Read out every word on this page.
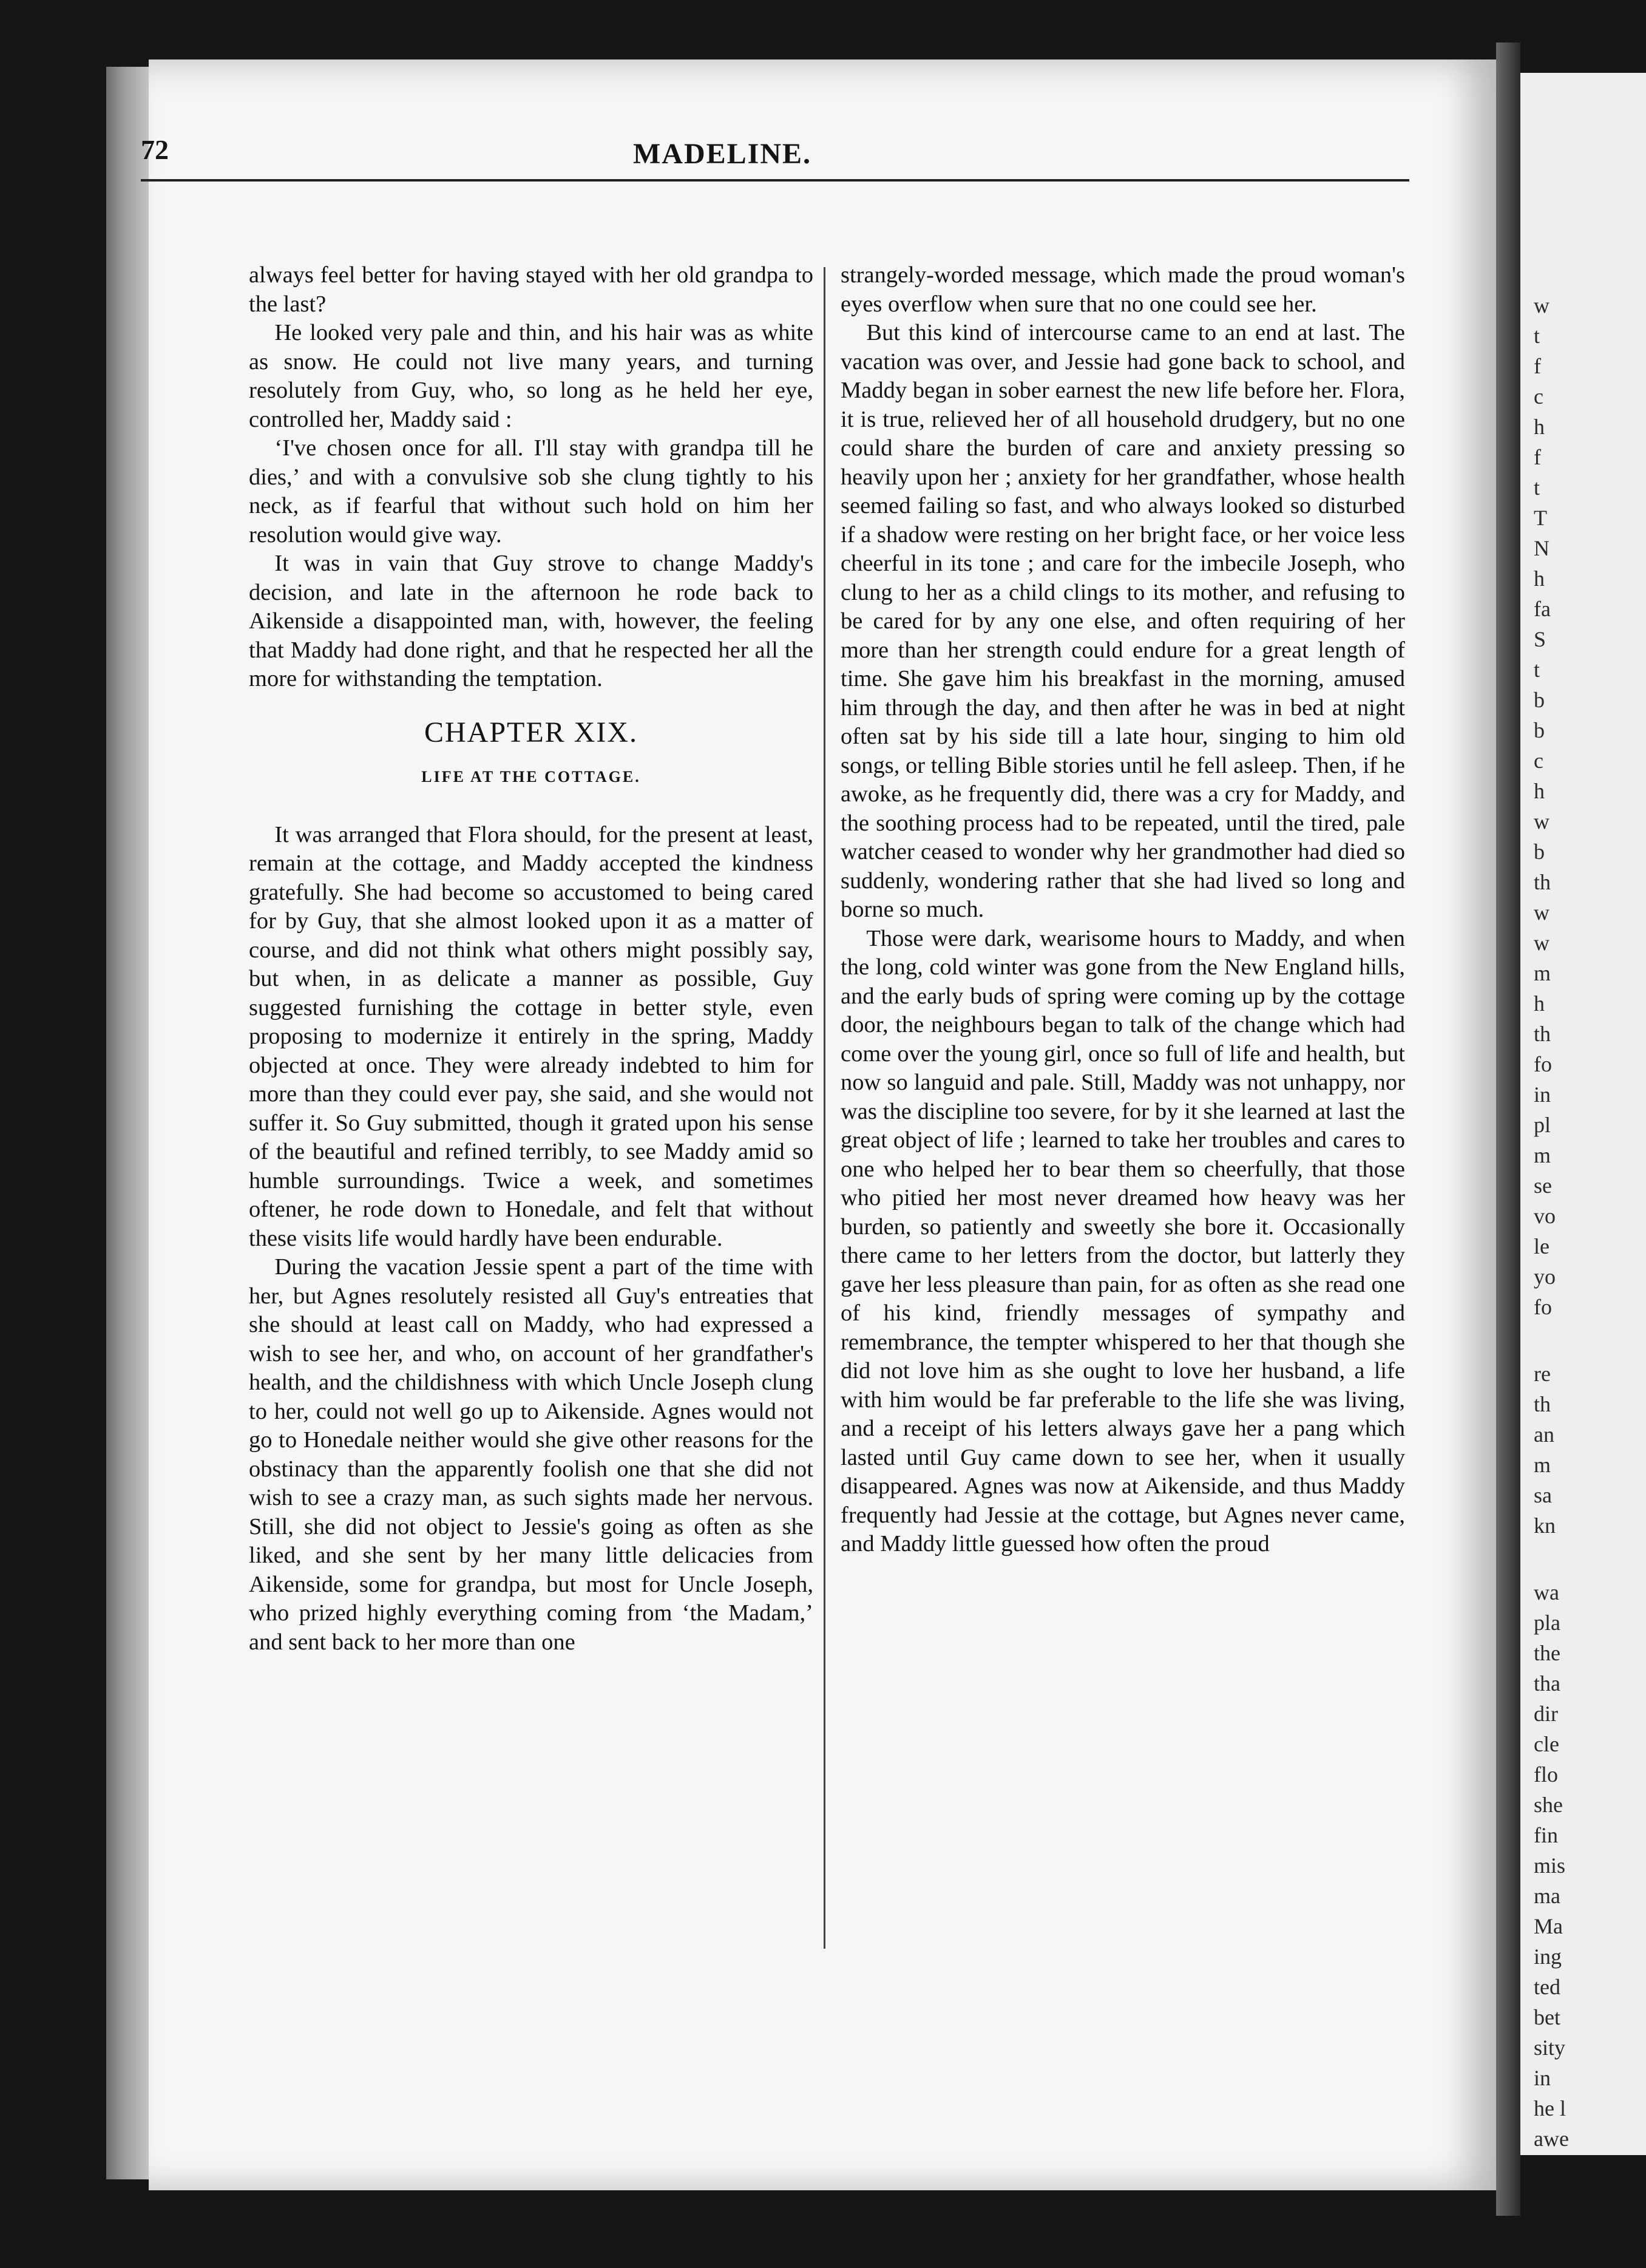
w
t
f
c
h
f
t
T
N
h
fa
S
t
b
b
c
h
w
b
th
w
w
m
h
th
fo
in
pl
m
se
vo
le
yo
fo
re
th
an
m
sa
kn
wa
pla
the
tha
dir
cle
flo
she
fin
mis
ma
Ma
ing
ted
bet
sity
in
he l
awe
72	MADELINE.

always feel better for having stayed with her old grandpa to the last?

He looked very pale and thin, and his hair was as white as snow. He could not live many years, and turning resolutely from Guy, who, so long as he held her eye, controlled her, Maddy said :

‘I've chosen once for all. I'll stay with grandpa till he dies,’ and with a convulsive sob she clung tightly to his neck, as if fearful that without such hold on him her resolution would give way.

It was in vain that Guy strove to change Maddy's decision, and late in the afternoon he rode back to Aikenside a disappointed man, with, however, the feeling that Maddy had done right, and that he respected her all the more for withstanding the temptation.

CHAPTER XIX.
LIFE AT THE COTTAGE.

It was arranged that Flora should, for the present at least, remain at the cottage, and Maddy accepted the kindness gratefully. She had become so accustomed to being cared for by Guy, that she almost looked upon it as a matter of course, and did not think what others might possibly say, but when, in as delicate a manner as possible, Guy suggested furnishing the cottage in better style, even proposing to modernize it entirely in the spring, Maddy objected at once. They were already indebted to him for more than they could ever pay, she said, and she would not suffer it. So Guy submitted, though it grated upon his sense of the beautiful and refined terribly, to see Maddy amid so humble surroundings. Twice a week, and sometimes oftener, he rode down to Honedale, and felt that without these visits life would hardly have been endurable.

During the vacation Jessie spent a part of the time with her, but Agnes resolutely resisted all Guy's entreaties that she should at least call on Maddy, who had expressed a wish to see her, and who, on account of her grandfather's health, and the childishness with which Uncle Joseph clung to her, could not well go up to Aikenside. Agnes would not go to Honedale neither would she give other reasons for the obstinacy than the apparently foolish one that she did not wish to see a crazy man, as such sights made her nervous. Still, she did not object to Jessie's going as often as she liked, and she sent by her many little delicacies from Aikenside, some for grandpa, but most for Uncle Joseph, who prized highly everything coming from ‘the Madam,’ and sent back to her more than one

strangely-worded message, which made the proud woman's eyes overflow when sure that no one could see her.

But this kind of intercourse came to an end at last. The vacation was over, and Jessie had gone back to school, and Maddy began in sober earnest the new life before her. Flora, it is true, relieved her of all household drudgery, but no one could share the burden of care and anxiety pressing so heavily upon her ; anxiety for her grandfather, whose health seemed failing so fast, and who always looked so disturbed if a shadow were resting on her bright face, or her voice less cheerful in its tone ; and care for the imbecile Joseph, who clung to her as a child clings to its mother, and refusing to be cared for by any one else, and often requiring of her more than her strength could endure for a great length of time. She gave him his breakfast in the morning, amused him through the day, and then after he was in bed at night often sat by his side till a late hour, singing to him old songs, or telling Bible stories until he fell asleep. Then, if he awoke, as he frequently did, there was a cry for Maddy, and the soothing process had to be repeated, until the tired, pale watcher ceased to wonder why her grandmother had died so suddenly, wondering rather that she had lived so long and borne so much.

Those were dark, wearisome hours to Maddy, and when the long, cold winter was gone from the New England hills, and the early buds of spring were coming up by the cottage door, the neighbours began to talk of the change which had come over the young girl, once so full of life and health, but now so languid and pale. Still, Maddy was not unhappy, nor was the discipline too severe, for by it she learned at last the great object of life ; learned to take her troubles and cares to one who helped her to bear them so cheerfully, that those who pitied her most never dreamed how heavy was her burden, so patiently and sweetly she bore it. Occasionally there came to her letters from the doctor, but latterly they gave her less pleasure than pain, for as often as she read one of his kind, friendly messages of sympathy and remembrance, the tempter whispered to her that though she did not love him as she ought to love her husband, a life with him would be far preferable to the life she was living, and a receipt of his letters always gave her a pang which lasted until Guy came down to see her, when it usually disappeared. Agnes was now at Aikenside, and thus Maddy frequently had Jessie at the cottage, but Agnes never came, and Maddy little guessed how often the proud
